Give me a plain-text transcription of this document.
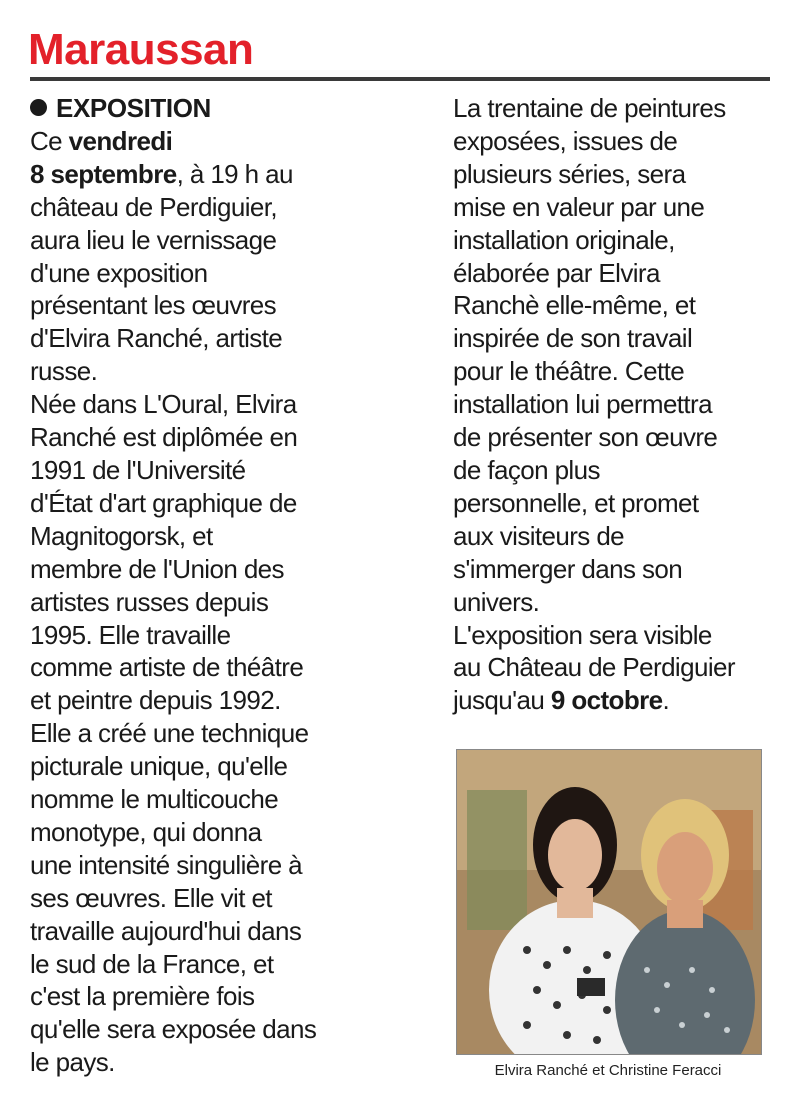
Maraussan

EXPOSITION

Ce vendredi

8 septembre, à 19 h au

château de Perdiguier,

aura lieu le vernissage

d'une exposition

présentant les œuvres

d'Elvira Ranché, artiste

russe.

Née dans L'Oural, Elvira

Ranché est diplômée en

1991 de l'Université

d'État d'art graphique de

Magnitogorsk, et

membre de l'Union des

artistes russes depuis

1995. Elle travaille

comme artiste de théâtre

et peintre depuis 1992.

Elle a créé une technique

picturale unique, qu'elle

nomme le multicouche

monotype, qui donna

une intensité singulière à

ses œuvres. Elle vit et

travaille aujourd'hui dans

le sud de la France, et

c'est la première fois

qu'elle sera exposée dans

le pays.

La trentaine de peintures

exposées, issues de

plusieurs séries, sera

mise en valeur par une

installation originale,

élaborée par Elvira

Ranchè elle-même, et

inspirée de son travail

pour le théâtre. Cette

installation lui permettra

de présenter son œuvre

de façon plus

personnelle, et promet

aux visiteurs de

s'immerger dans son

univers.

L'exposition sera visible

au Château de Perdiguier

jusqu'au 9 octobre.

Elvira Ranché et Christine Feracci
